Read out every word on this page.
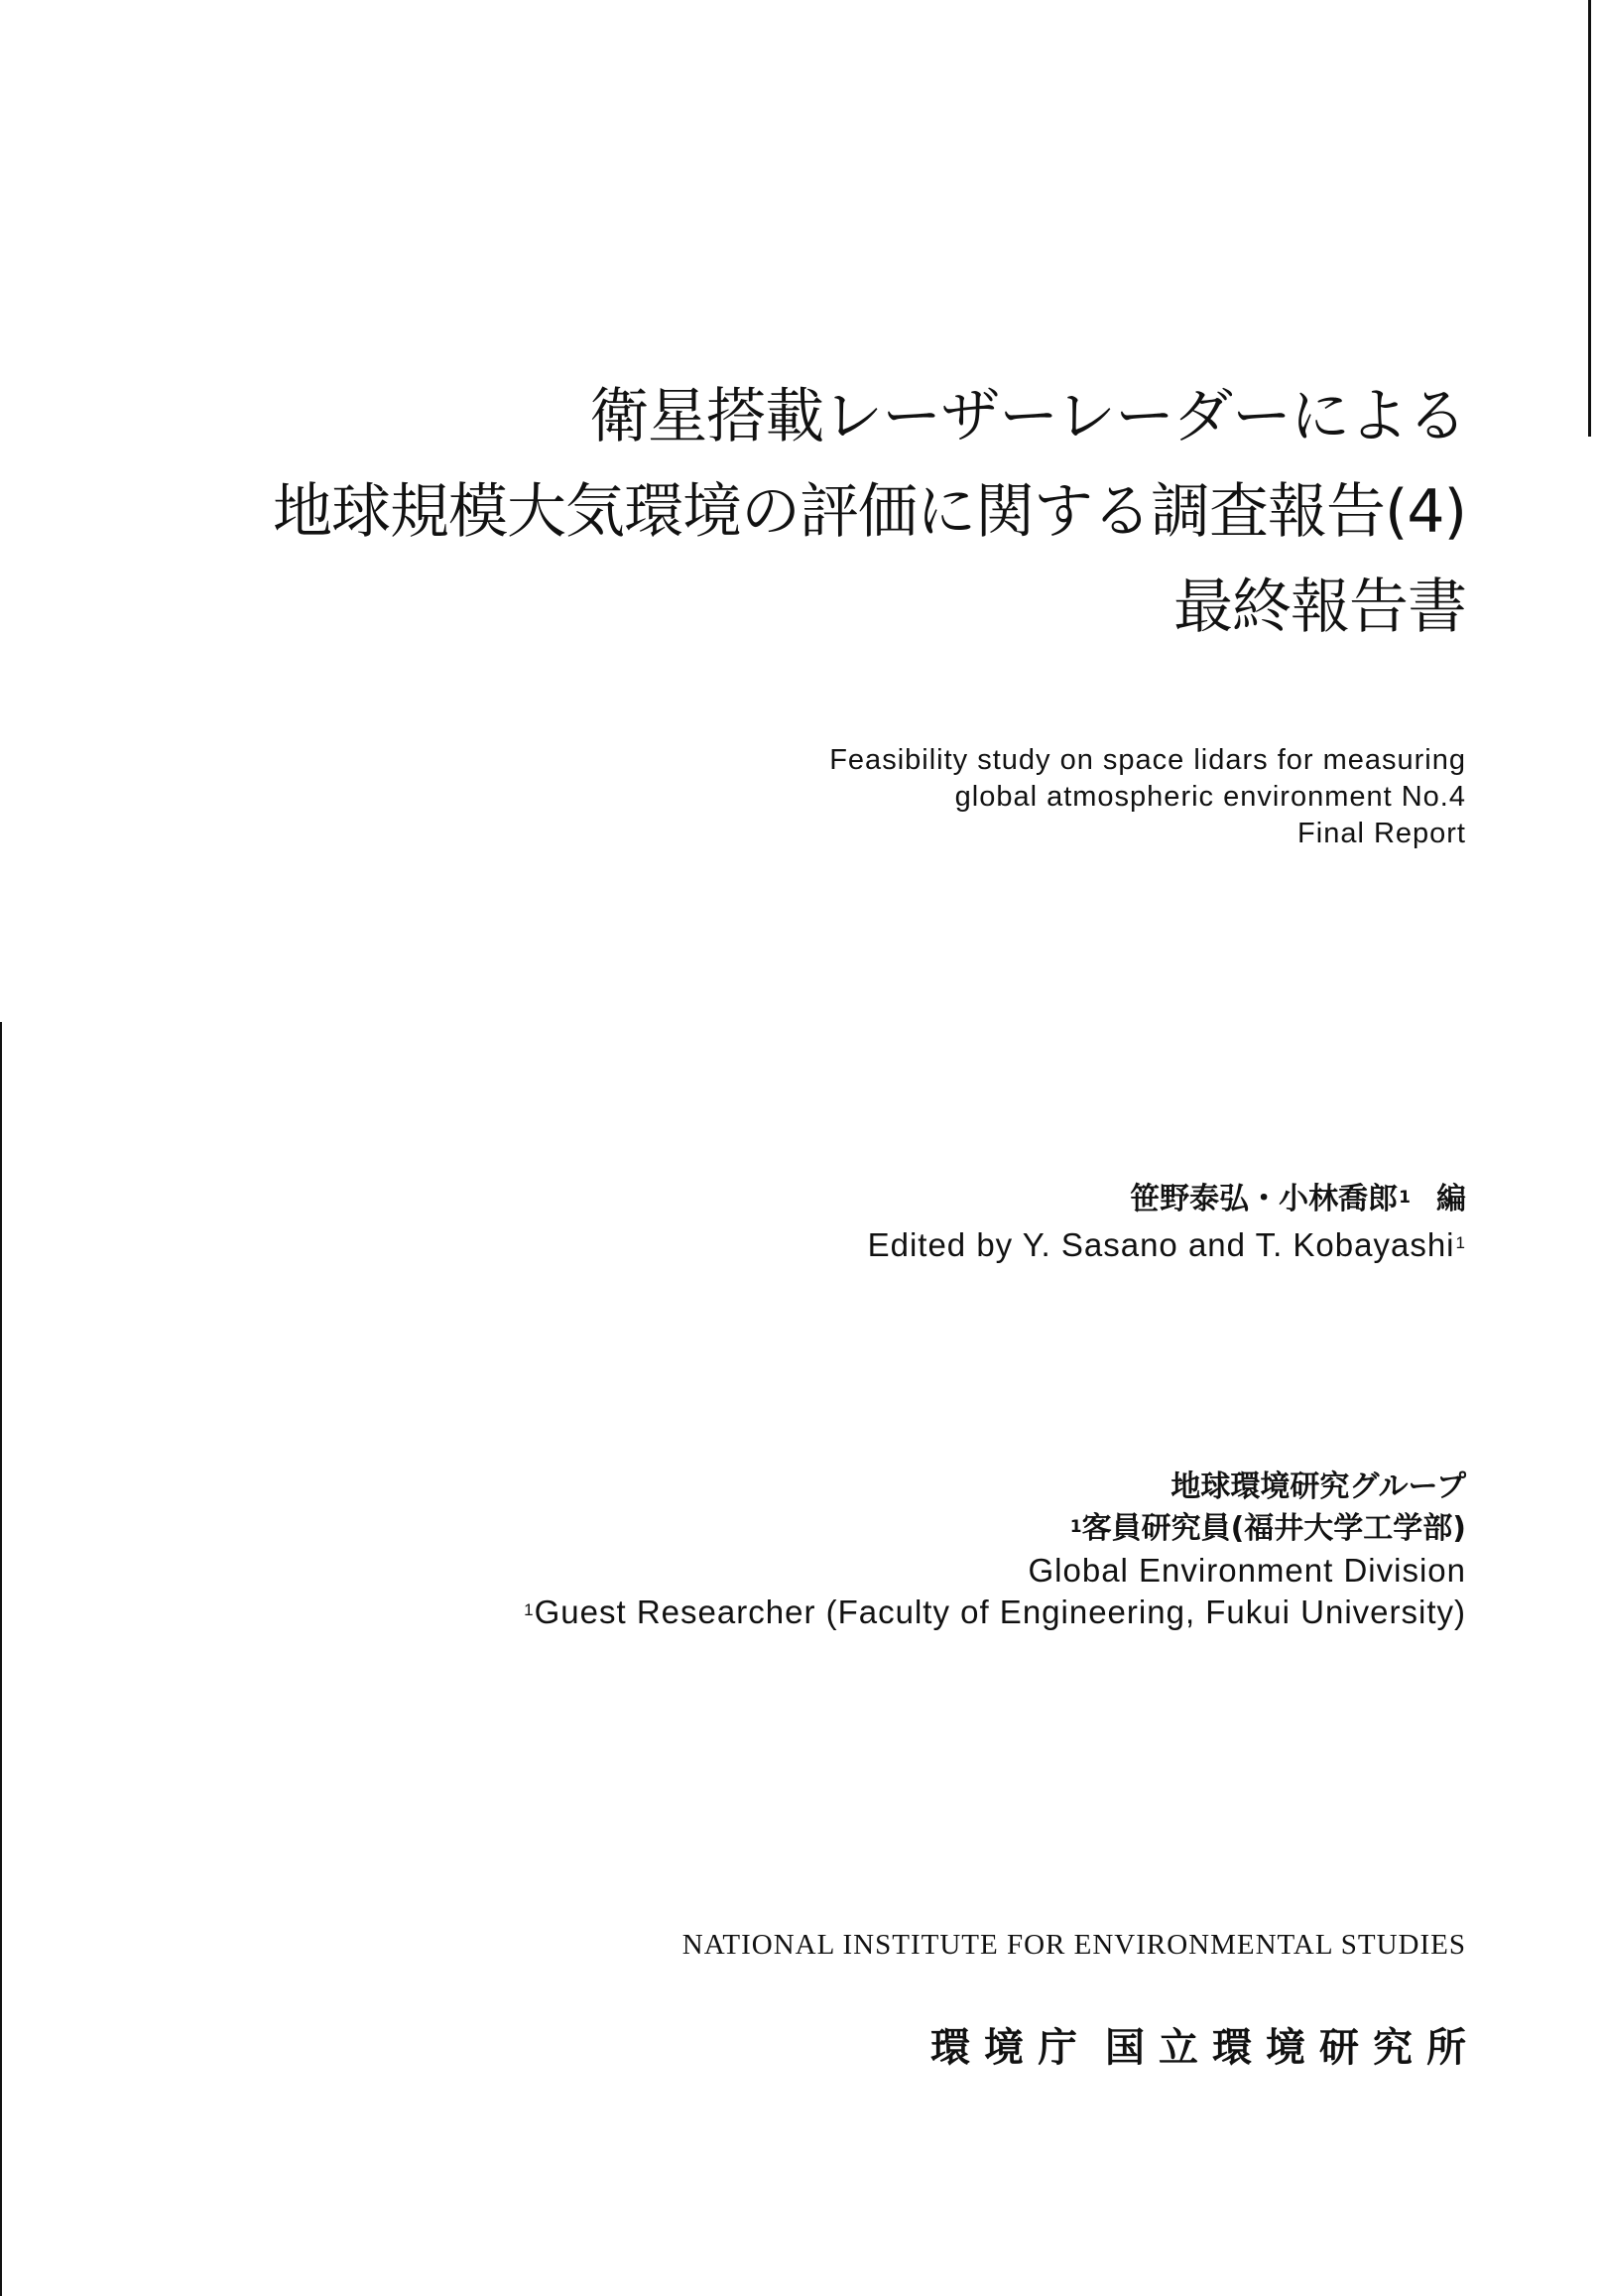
衛星搭載レーザーレーダーによる
地球規模大気環境の評価に関する調査報告(4)
最終報告書
Feasibility study on space lidars for measuring
global atmospheric environment No.4
Final Report
笹野泰弘・小林喬郎$^1$ 編
Edited by Y. Sasano and T. Kobayashi$^1$
地球環境研究グループ
$^1$客員研究員(福井大学工学部)
Global Environment Division
$^1$Guest Researcher (Faculty of Engineering, Fukui University)
NATIONAL INSTITUTE FOR ENVIRONMENTAL STUDIES
環境庁 国立環境研究所
